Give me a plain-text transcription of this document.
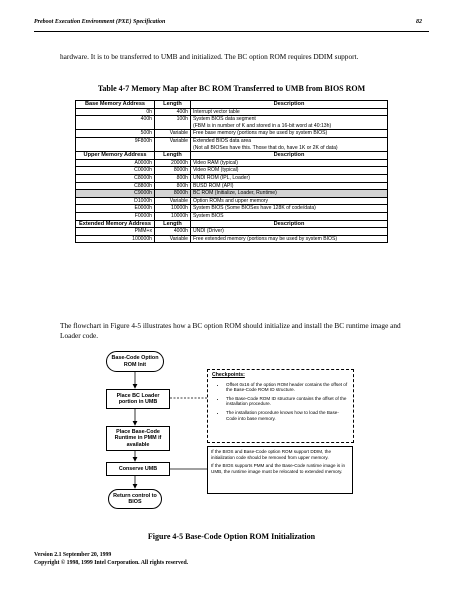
Preboot Execution Environment (PXE) Specification	82
hardware. It is to be transferred to UMB and initialized. The BC option ROM requires DDIM support.
Table 4-7 Memory Map after BC ROM Transferred to UMB from BIOS ROM
Base Memory Address	Length	Description
0h	400h	Interrupt vector table

400h	100h	System BIOS data segment
(FBM is in number of K and stored in a 16-bit word at 40:13h)

500h	Variable	Free base memory (portions may be used by system BIOS)

9F800h	Variable	Extended BIOS data area
(Not all BIOSes have this. Those that do, have 1K or 2K of data)

Upper Memory Address	Length	Description
A0000h	20000h	Video RAM (typical)

C0000h	8000h	Video ROM (typical)

C8000h	800h	UNDI ROM (IPL, Loader)

C8800h	800h	BUSD ROM (API)

C9000h	8000h	BC ROM (Initialize, Loader, Runtime)

D1000h	Variable	Option ROMs and upper memory

E0000h	10000h	System BIOS (Some BIOSes have 128K of code/data)

F0000h	10000h	System BIOS

Extended Memory Address	Length	Description
PMM+x	4000h	UNDI (Driver)

100000h	Variable	Free extended memory (portions may be used by system BIOS)
The flowchart in Figure 4-5 illustrates how a BC option ROM should initialize and install the BC runtime image and Loader code.
Base-Code Option ROM Init
Place BC Loader portion in UMB
Place Base-Code Runtime in PMM if available
Conserve UMB
Return control to BIOS
Checkpoints:
• Offset 0x16 of the option ROM header contains the offset of the Base-Code ROM ID structure.
• The Base-Code ROM ID structure contains the offset of the installation procedure.
• The installation procedure knows how to load the Base-Code into base memory.

If the BIOS and Base-Code option ROM support DDIM, the initialization code should be removed from upper memory.

If the BIOS supports PMM and the Base-Code runtime image is in UMB, the runtime image must be relocated to extended memory.

Figure 4-5 Base-Code Option ROM Initialization
Version 2.1 September 20, 1999
Copyright © 1998, 1999 Intel Corporation. All rights reserved.
